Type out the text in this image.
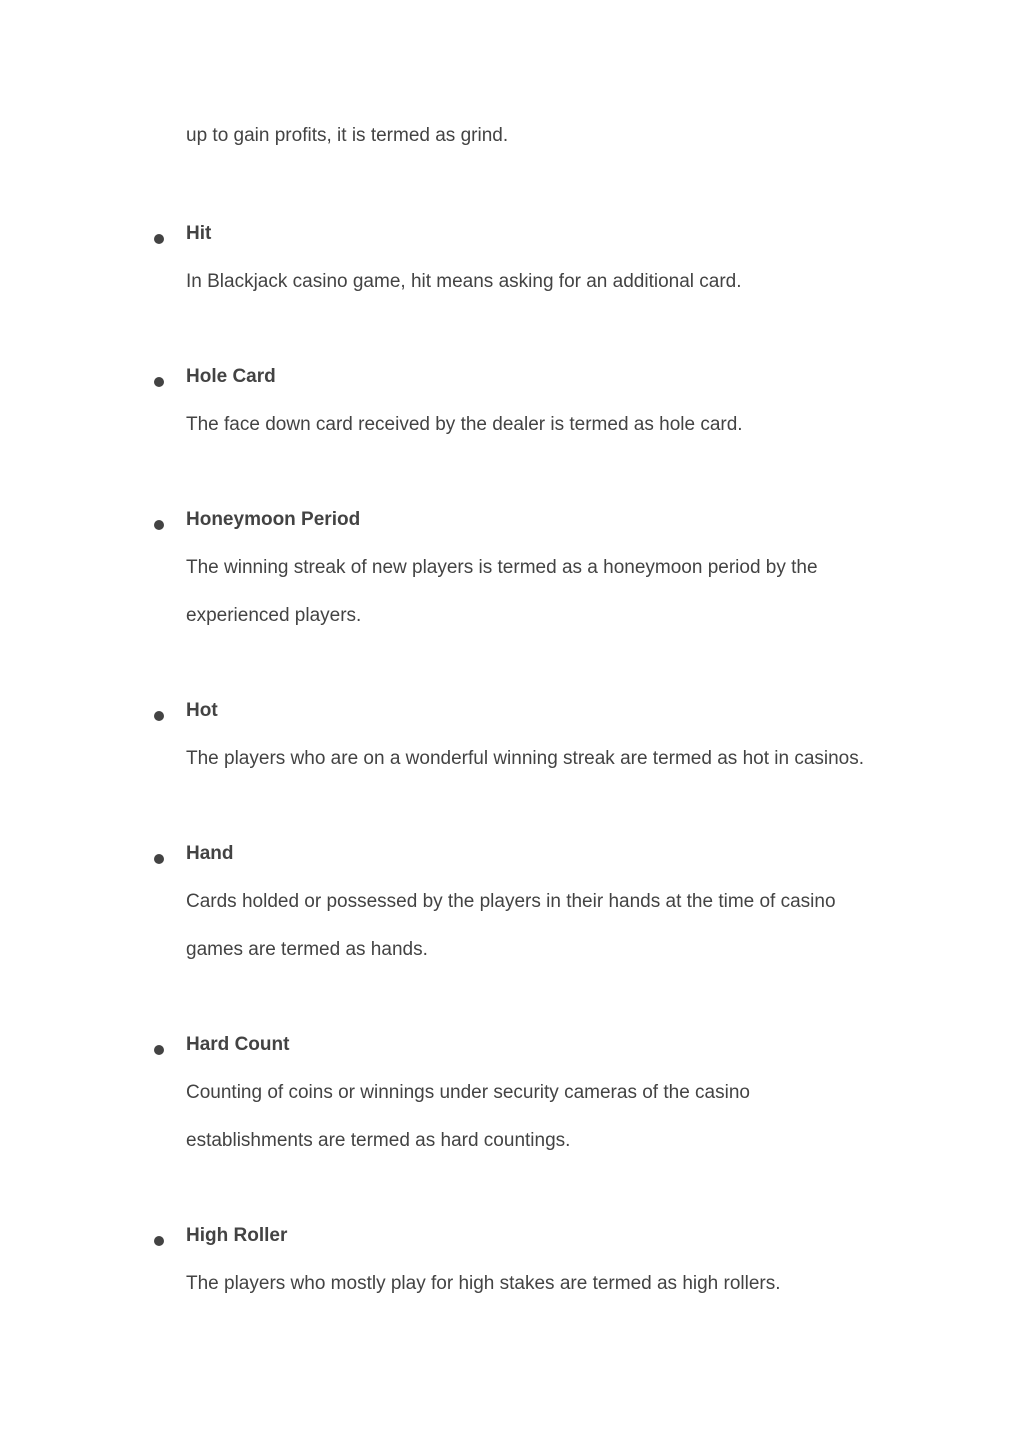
up to gain profits, it is termed as grind.

Hit

In Blackjack casino game, hit means asking for an additional card.

Hole Card

The face down card received by the dealer is termed as hole card.

Honeymoon Period

The winning streak of new players is termed as a honeymoon period by the experienced players.

Hot

The players who are on a wonderful winning streak are termed as hot in casinos.

Hand

Cards holded or possessed by the players in their hands at the time of casino games are termed as hands.

Hard Count

Counting of coins or winnings under security cameras of the casino establishments are termed as hard countings.

High Roller

The players who mostly play for high stakes are termed as high rollers.
